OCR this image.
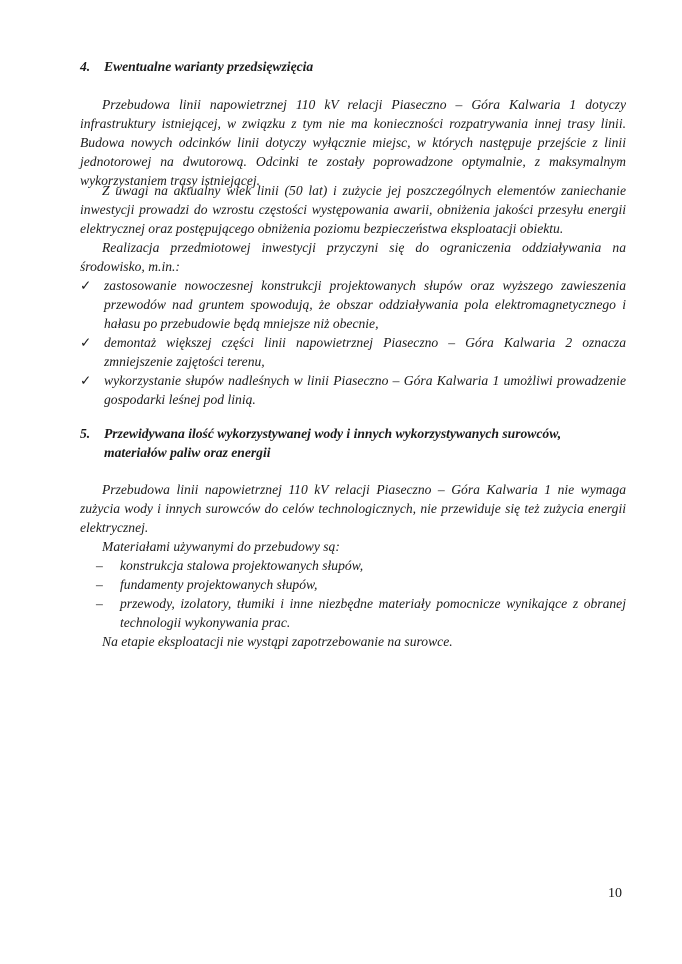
4. Ewentualne warianty przedsięwzięcia
Przebudowa linii napowietrznej 110 kV relacji Piaseczno – Góra Kalwaria 1 dotyczy infrastruktury istniejącej, w związku z tym nie ma konieczności rozpatrywania innej trasy linii. Budowa nowych odcinków linii dotyczy wyłącznie miejsc, w których następuje przejście z linii jednotorowej na dwutorową. Odcinki te zostały poprowadzone optymalnie, z maksymalnym wykorzystaniem trasy istniejącej.
Z uwagi na aktualny wiek linii (50 lat) i zużycie jej poszczególnych elementów zaniechanie inwestycji prowadzi do wzrostu częstości występowania awarii, obniżenia jakości przesyłu energii elektrycznej oraz postępującego obniżenia poziomu bezpieczeństwa eksploatacji obiektu.
Realizacja przedmiotowej inwestycji przyczyni się do ograniczenia oddziaływania na środowisko, m.in.:
✓ zastosowanie nowoczesnej konstrukcji projektowanych słupów oraz wyższego zawieszenia przewodów nad gruntem spowodują, że obszar oddziaływania pola elektromagnetycznego i hałasu po przebudowie będą mniejsze niż obecnie,
✓ demontaż większej części linii napowietrznej Piaseczno – Góra Kalwaria 2 oznacza zmniejszenie zajętości terenu,
✓ wykorzystanie słupów nadleśnych w linii Piaseczno – Góra Kalwaria 1 umożliwi prowadzenie gospodarki leśnej pod linią.
5. Przewidywana ilość wykorzystywanej wody i innych wykorzystywanych surowców, materiałów paliw oraz energii
Przebudowa linii napowietrznej 110 kV relacji Piaseczno – Góra Kalwaria 1 nie wymaga zużycia wody i innych surowców do celów technologicznych, nie przewiduje się też zużycia energii elektrycznej.
Materiałami używanymi do przebudowy są:
–	konstrukcja stalowa projektowanych słupów,
–	fundamenty projektowanych słupów,
–	przewody, izolatory, tłumiki i inne niezbędne materiały pomocnicze wynikające z obranej technologii wykonywania prac.
Na etapie eksploatacji nie wystąpi zapotrzebowanie na surowce.
10
